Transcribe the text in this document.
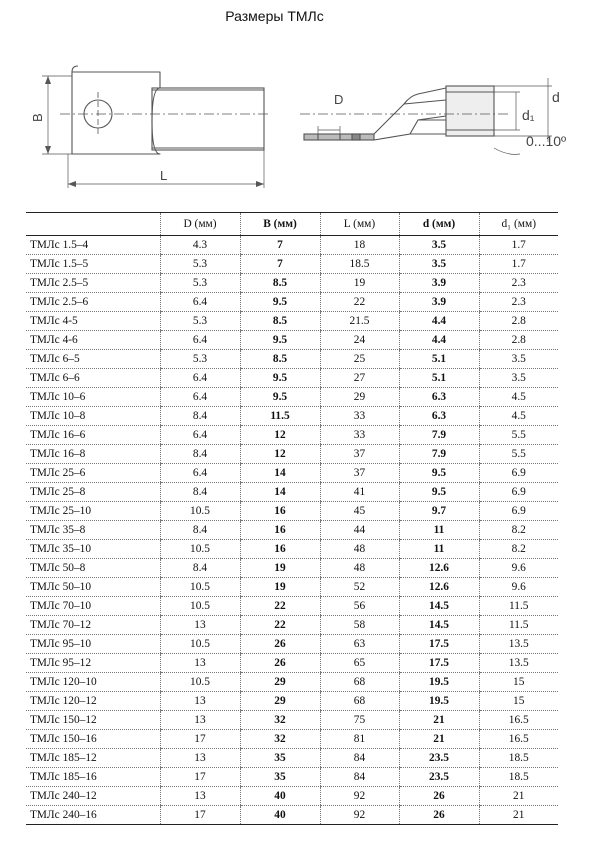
Размеры ТМЛс
B
L
D
d₁
d
0...10º
	D (мм)	B (мм)	L (мм)	d (мм)	d₁ (мм)
ТМЛс 1.5–4	4.3	7	18	3.5	1.7
ТМЛс 1.5–5	5.3	7	18.5	3.5	1.7
ТМЛс 2.5–5	5.3	8.5	19	3.9	2.3
ТМЛс 2.5–6	6.4	9.5	22	3.9	2.3
ТМЛс 4-5	5.3	8.5	21.5	4.4	2.8
ТМЛс 4-6	6.4	9.5	24	4.4	2.8
ТМЛс 6–5	5.3	8.5	25	5.1	3.5
ТМЛс 6–6	6.4	9.5	27	5.1	3.5
ТМЛс 10–6	6.4	9.5	29	6.3	4.5
ТМЛс 10–8	8.4	11.5	33	6.3	4.5
ТМЛс 16–6	6.4	12	33	7.9	5.5
ТМЛс 16–8	8.4	12	37	7.9	5.5
ТМЛс 25–6	6.4	14	37	9.5	6.9
ТМЛс 25–8	8.4	14	41	9.5	6.9
ТМЛс 25–10	10.5	16	45	9.7	6.9
ТМЛс 35–8	8.4	16	44	11	8.2
ТМЛс 35–10	10.5	16	48	11	8.2
ТМЛс 50–8	8.4	19	48	12.6	9.6
ТМЛс 50–10	10.5	19	52	12.6	9.6
ТМЛс 70–10	10.5	22	56	14.5	11.5
ТМЛс 70–12	13	22	58	14.5	11.5
ТМЛс 95–10	10.5	26	63	17.5	13.5
ТМЛс 95–12	13	26	65	17.5	13.5
ТМЛс 120–10	10.5	29	68	19.5	15
ТМЛс 120–12	13	29	68	19.5	15
ТМЛс 150–12	13	32	75	21	16.5
ТМЛс 150–16	17	32	81	21	16.5
ТМЛс 185–12	13	35	84	23.5	18.5
ТМЛс 185–16	17	35	84	23.5	18.5
ТМЛс 240–12	13	40	92	26	21
ТМЛс 240–16	17	40	92	26	21
